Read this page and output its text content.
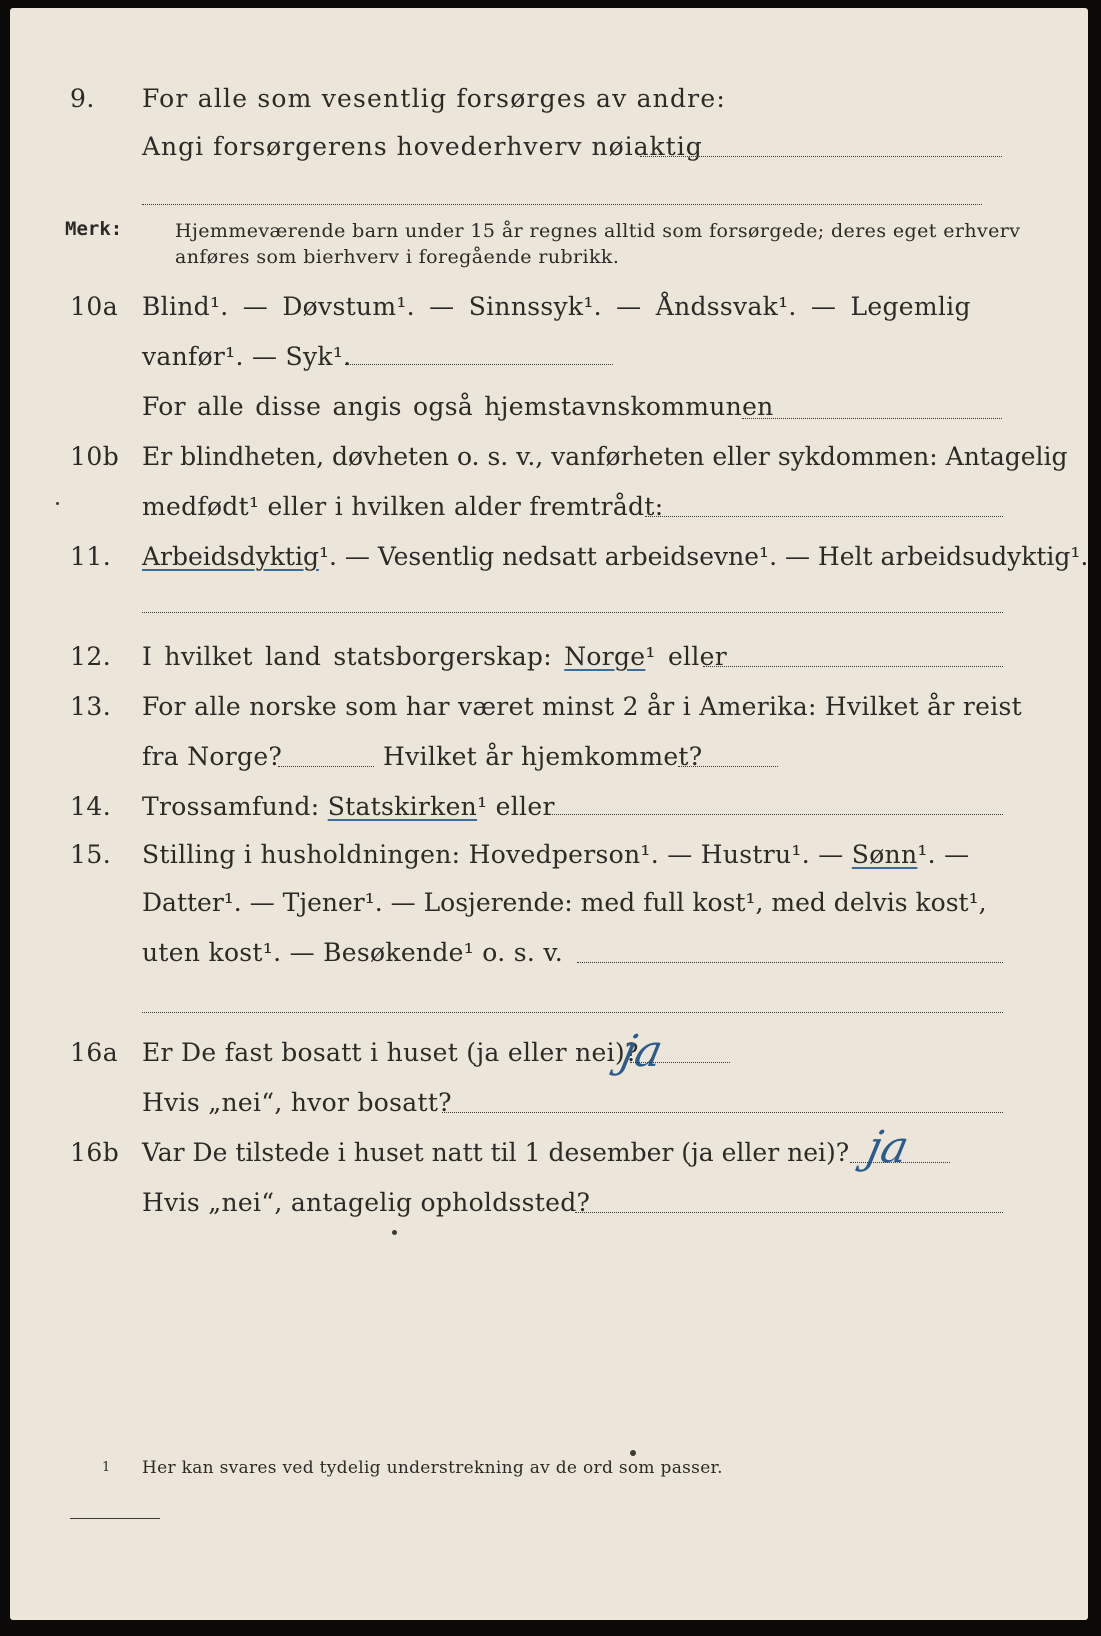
9. For alle som vesentlig forsørges av andre:
Angi forsørgerens hovederhverv nøiaktig
Merk:	Hjemmeværende barn under 15 år regnes alltid som forsørgede; deres eget erhverv
anføres som bierhverv i foregående rubrikk.
10a Blind¹. — Døvstum¹. — Sinnssyk¹. — Åndssvak¹. — Legemlig
vanfør¹. — Syk¹.
For alle disse angis også hjemstavnskommunen
10b Er blindheten, døvheten o. s. v., vanførheten eller sykdommen: Antagelig
medfødt¹ eller i hvilken alder fremtrådt:
11. Arbeidsdyktig¹. — Vesentlig nedsatt arbeidsevne¹. — Helt arbeidsudyktig¹.
12. I hvilket land statsborgerskap: Norge¹ eller
13. For alle norske som har været minst 2 år i Amerika: Hvilket år reist
fra Norge?	Hvilket år hjemkommet?
14. Trossamfund: Statskirken¹ eller
15. Stilling i husholdningen: Hovedperson¹. — Hustru¹. — Sønn¹. —
Datter¹. — Tjener¹. — Losjerende: med full kost¹, med delvis kost¹,
uten kost¹. — Besøkende¹ o. s. v.
16a Er De fast bosatt i huset (ja eller nei)?
ja
Hvis „nei“, hvor bosatt?
16b Var De tilstede i huset natt til 1 desember (ja eller nei)? ja
Hvis „nei“, antagelig opholdssted?
1 Her kan svares ved tydelig understrekning av de ord som passer.
